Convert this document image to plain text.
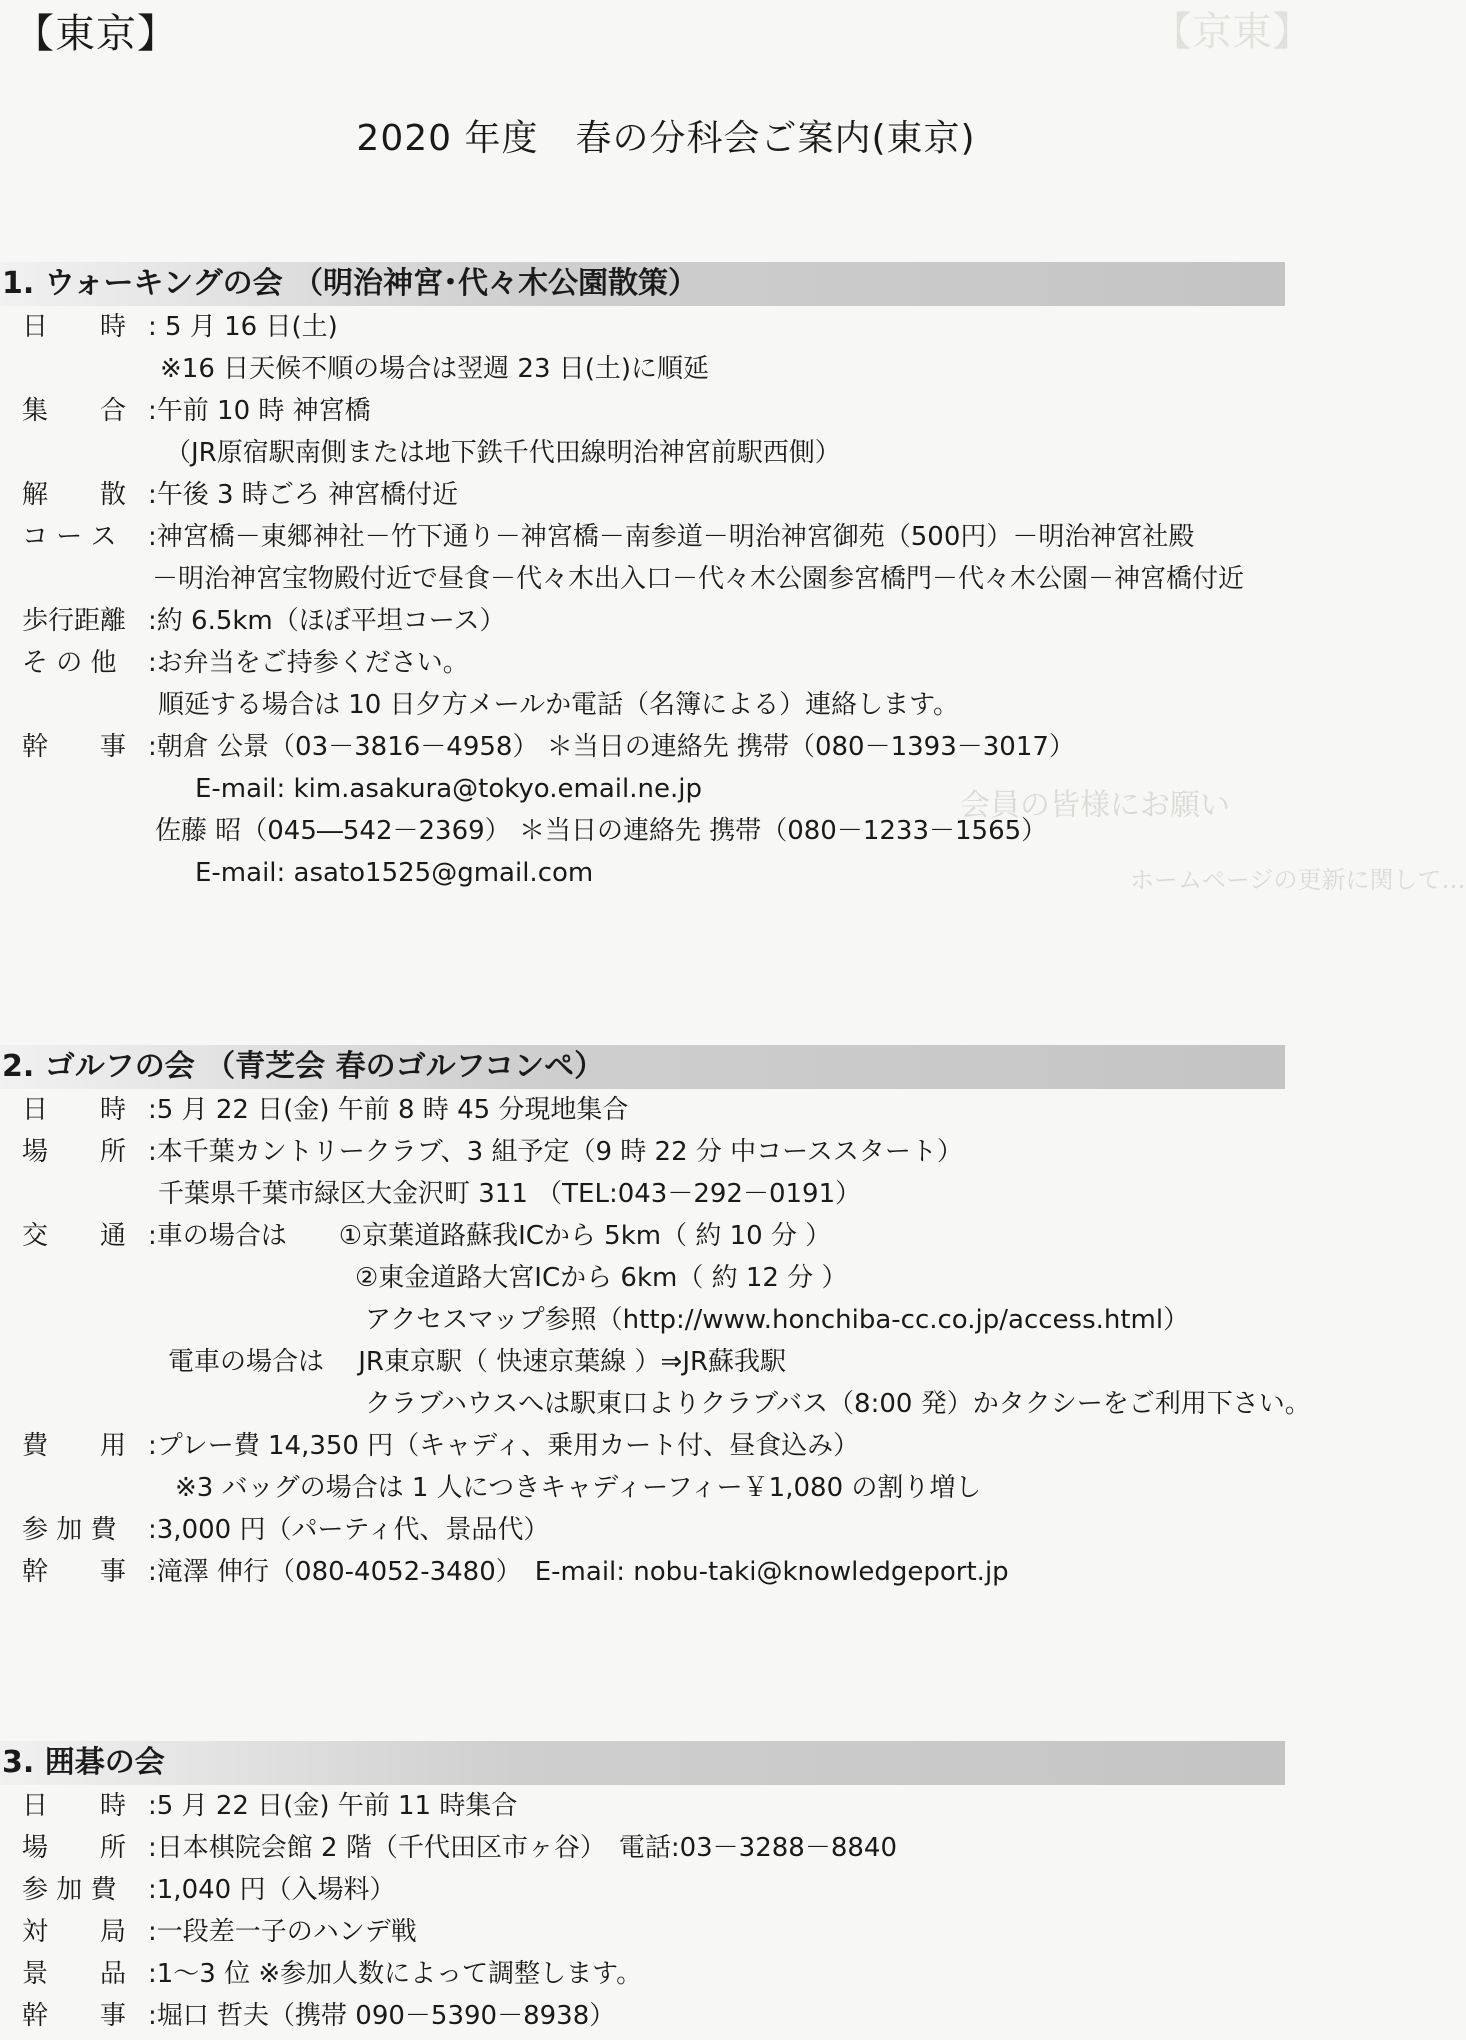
【京東】
会員の皆様にお願い
ホームページの更新に関して…
【東京】
2020 年度　春の分科会ご案内(東京)
1. ウォーキングの会 （明治神宮･代々木公園散策）
日　　時 : 5 月 16 日(土)
※16 日天候不順の場合は翌週 23 日(土)に順延
集　　合 :午前 10 時 神宮橋
（JR原宿駅南側または地下鉄千代田線明治神宮前駅西側）
解　　散 :午後 3 時ごろ 神宮橋付近
コ ー ス	:神宮橋－東郷神社－竹下通り－神宮橋－南参道－明治神宮御苑（500円）－明治神宮社殿
－明治神宮宝物殿付近で昼食－代々木出入口－代々木公園参宮橋門－代々木公園－神宮橋付近
歩行距離 :約 6.5km（ほぼ平坦コース）
そ の 他	:お弁当をご持参ください。
順延する場合は 10 日夕方メールか電話（名簿による）連絡します。
幹　　事 :朝倉 公景（03－3816－4958） ＊当日の連絡先 携帯（080－1393－3017）
E-mail: kim.asakura@tokyo.email.ne.jp
佐藤 昭（045―542－2369） ＊当日の連絡先 携帯（080－1233－1565）
E-mail: asato1525@gmail.com
2. ゴルフの会 （青芝会 春のゴルフコンペ）
日　　時 :5 月 22 日(金) 午前 8 時 45 分現地集合
場　　所 :本千葉カントリークラブ、3 組予定（9 時 22 分 中コーススタート）
千葉県千葉市緑区大金沢町 311 （TEL:043－292－0191）
交　　通 :車の場合は　　①京葉道路蘇我ICから 5km（ 約 10 分 ）
②東金道路大宮ICから 6km（ 約 12 分 ）
アクセスマップ参照（http://www.honchiba-cc.co.jp/access.html）
電車の場合は　 JR東京駅（ 快速京葉線 ）⇒JR蘇我駅
クラブハウスへは駅東口よりクラブバス（8:00 発）かタクシーをご利用下さい。
費　　用 :プレー費 14,350 円（キャディ、乗用カート付、昼食込み）
※3 バッグの場合は 1 人につきキャディーフィー￥1,080 の割り増し
参 加 費	:3,000 円（パーティ代、景品代）
幹　　事 :滝澤 伸行（080-4052-3480）　E-mail: nobu-taki@knowledgeport.jp
3. 囲碁の会
日　　時 :5 月 22 日(金) 午前 11 時集合
場　　所 :日本棋院会館 2 階（千代田区市ヶ谷）　電話:03－3288－8840
参 加 費	:1,040 円（入場料）
対　　局 :一段差一子のハンデ戦
景　　品 :1～3 位 ※参加人数によって調整します。
幹　　事 :堀口 哲夫（携帯 090－5390－8938）
